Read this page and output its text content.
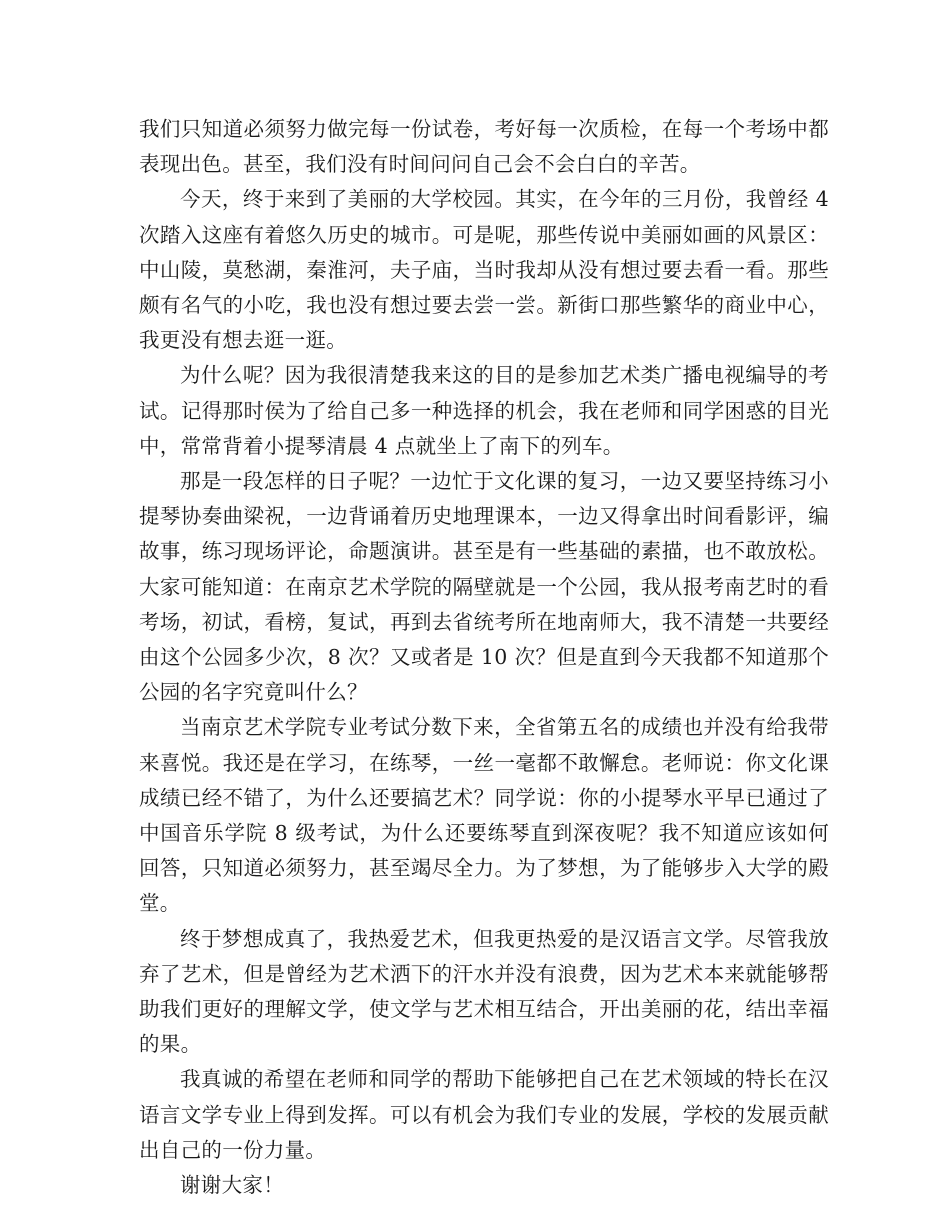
我们只知道必须努力做完每一份试卷，考好每一次质检，在每一个考场中都表现出色。甚至，我们没有时间问问自己会不会白白的辛苦。

今天，终于来到了美丽的大学校园。其实，在今年的三月份，我曾经 4 次踏入这座有着悠久历史的城市。可是呢，那些传说中美丽如画的风景区：中山陵，莫愁湖，秦淮河，夫子庙，当时我却从没有想过要去看一看。那些颇有名气的小吃，我也没有想过要去尝一尝。新街口那些繁华的商业中心，我更没有想去逛一逛。

为什么呢？因为我很清楚我来这的目的是参加艺术类广播电视编导的考试。记得那时侯为了给自己多一种选择的机会，我在老师和同学困惑的目光中，常常背着小提琴清晨 4 点就坐上了南下的列车。

那是一段怎样的日子呢？一边忙于文化课的复习，一边又要坚持练习小提琴协奏曲梁祝，一边背诵着历史地理课本，一边又得拿出时间看影评，编故事，练习现场评论，命题演讲。甚至是有一些基础的素描，也不敢放松。大家可能知道：在南京艺术学院的隔壁就是一个公园，我从报考南艺时的看考场，初试，看榜，复试，再到去省统考所在地南师大，我不清楚一共要经由这个公园多少次，8 次？又或者是 10 次？但是直到今天我都不知道那个公园的名字究竟叫什么？

当南京艺术学院专业考试分数下来，全省第五名的成绩也并没有给我带来喜悦。我还是在学习，在练琴，一丝一毫都不敢懈怠。老师说：你文化课成绩已经不错了，为什么还要搞艺术？同学说：你的小提琴水平早已通过了中国音乐学院 8 级考试，为什么还要练琴直到深夜呢？我不知道应该如何回答，只知道必须努力，甚至竭尽全力。为了梦想，为了能够步入大学的殿堂。

终于梦想成真了，我热爱艺术，但我更热爱的是汉语言文学。尽管我放弃了艺术，但是曾经为艺术洒下的汗水并没有浪费，因为艺术本来就能够帮助我们更好的理解文学，使文学与艺术相互结合，开出美丽的花，结出幸福的果。

我真诚的希望在老师和同学的帮助下能够把自己在艺术领域的特长在汉语言文学专业上得到发挥。可以有机会为我们专业的发展，学校的发展贡献出自己的一份力量。

谢谢大家！
